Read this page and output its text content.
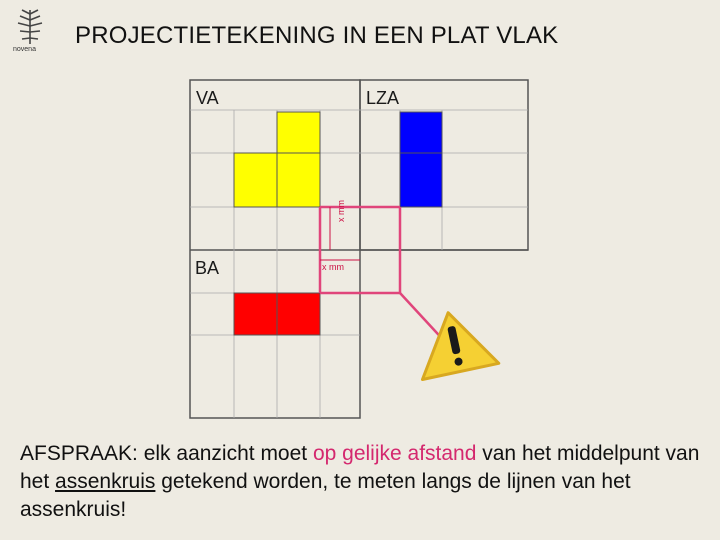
novena
PROJECTIETEKENING IN EEN PLAT VLAK
VA	LZA
BA
x mm
x mm
AFSPRAAK: elk aanzicht moet op gelijke afstand van het middelpunt van het assenkruis getekend worden, te meten langs de lijnen van het assenkruis!
